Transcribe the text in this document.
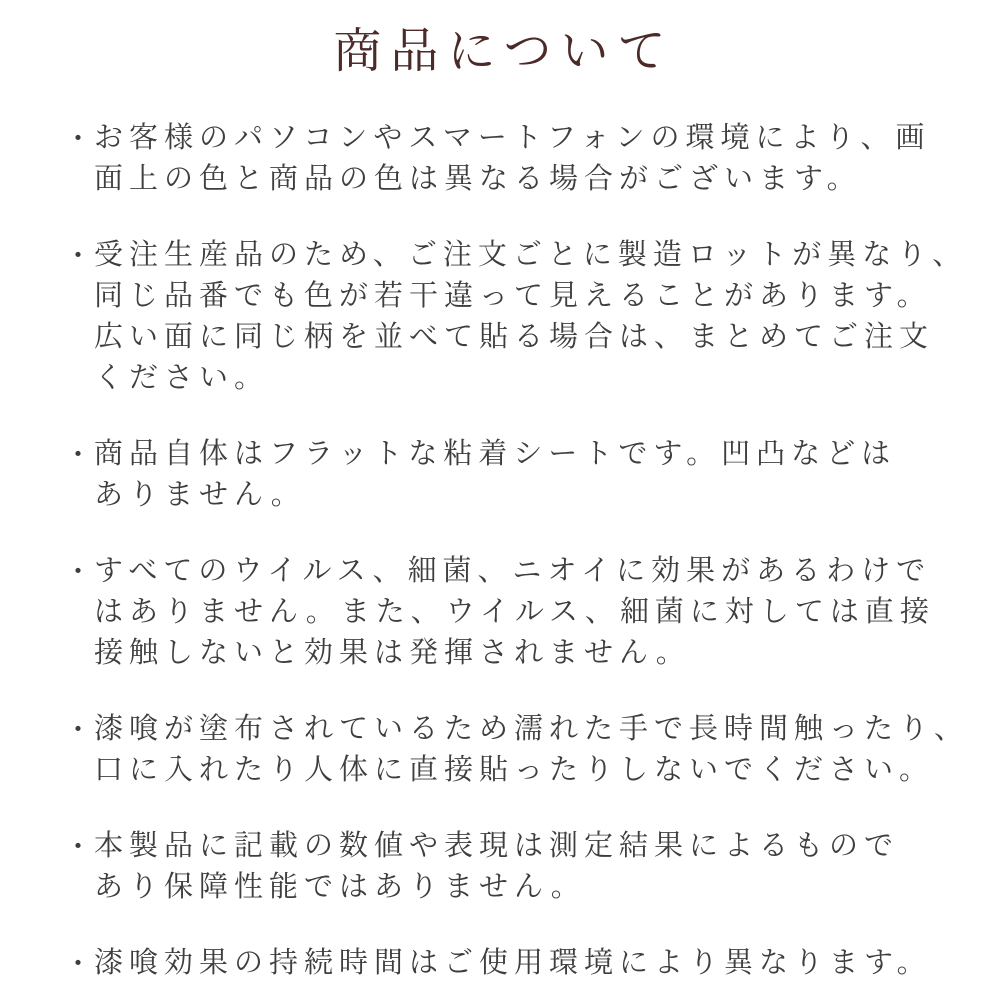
商品について
・ お客様のパソコンやスマートフォンの環境により、画
面上の色と商品の色は異なる場合がございます。
・ 受注生産品のため、ご注文ごとに製造ロットが異なり、
同じ品番でも色が若干違って見えることがあります。
広い面に同じ柄を並べて貼る場合は、まとめてご注文
ください。
・ 商品自体はフラットな粘着シートです。凹凸などは
ありません。
・ すべてのウイルス、細菌、ニオイに効果があるわけで
はありません。また、ウイルス、細菌に対しては直接
接触しないと効果は発揮されません。
・ 漆喰が塗布されているため濡れた手で長時間触ったり、
口に入れたり人体に直接貼ったりしないでください。
・ 本製品に記載の数値や表現は測定結果によるもので
あり保障性能ではありません。
・ 漆喰効果の持続時間はご使用環境により異なります。
